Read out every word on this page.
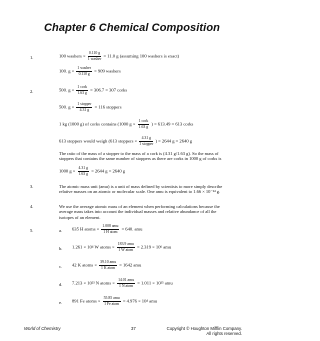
Chapter 6 Chemical Composition
1.	100 washers × $\frac{0.110 g}{\text{1 washer}} = 11.0$ g (assuming 100 washers is exact)
100. $g \times \frac{\text{1 washer}}{0.110 g} = 909$ washers
2.	500. $g \times \frac{\text{1 cork}}{1.63 g} = 306.7 = 307$ corks
500. $g \times \frac{\text{1 stopper}}{4.31 g} = 116$ stoppers
1 kg (1000 g) of corks contains (1000 $g \times \frac{\text{1 cork}}{1.63 g}$ ) = 613.49 = 613 corks
613 stoppers would weigh (613 stoppers × $\frac{4.31 g}{\text{1 stopper}}$ ) = 2644 g = 2640 g
The ratio of the mass of a stopper to the mass of a cork is (4.31 g/1.63 g). So the mass of stoppers that contains the same number of stoppers as there are corks in 1000 g of corks is
1000 $g \times \frac{4.31 g}{1.63 g} = 2644$ g = 2640 g
3.	The atomic mass unit (amu) is a unit of mass defined by scientists to more simply describe relative masses on an atomic or molecular scale. One amu is equivalent to 1.66 × 10⁻²⁴ g.
4.	We use the average atomic mass of an element when performing calculations because the average mass takes into account the individual masses and relative abundance of all the isotopes of an element.
5.	a. 635 H atoms × $\frac{\text{1.008 amu}}{\text{1 H atom}} = 640$. amu
b. 1.261 × 10⁴ W atoms × $\frac{\text{183.9 amu}}{\text{1 W atom}} = 2.319 \times 10^6$ amu
c. 42 K atoms × $\frac{\text{39.10 amu}}{\text{1 K atom}} = 1642$ amu
d. 7.213 × 10²³ N atoms × $\frac{\text{14.01 amu}}{\text{1 N atom}} = 1.011 \times 10^{25}$ amu
e. 891 Fe atoms × $\frac{\text{55.85 amu}}{\text{1 Fe atom}} = 4.976 \times 10^4$ amu
World of Chemistry	37	Copyright © Houghton Mifflin Company.
All rights reserved.
